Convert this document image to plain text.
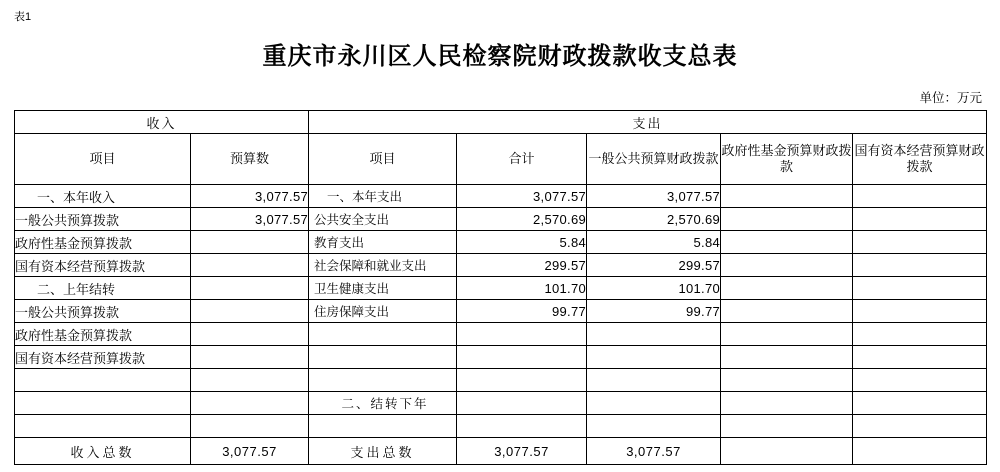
表1
重庆市永川区人民检察院财政拨款收支总表
单位：万元
收入		支出				
项目	预算数	项目	合计	一般公共预算财政拨款	政府性基金预算财政拨款	国有资本经营预算财政拨款
一、本年收入	3,077.57	一、本年支出	3,077.57	3,077.57		
一般公共预算拨款	3,077.57	公共安全支出	2,570.69	2,570.69		
政府性基金预算拨款		教育支出	5.84	5.84		
国有资本经营预算拨款		社会保障和就业支出	299.57	299.57		
二、上年结转		卫生健康支出	101.70	101.70		
一般公共预算拨款		住房保障支出	99.77	99.77		
政府性基金预算拨款						
国有资本经营预算拨款						

		二、结转下年				

收入总数	3,077.57	支出总数	3,077.57	3,077.57		
